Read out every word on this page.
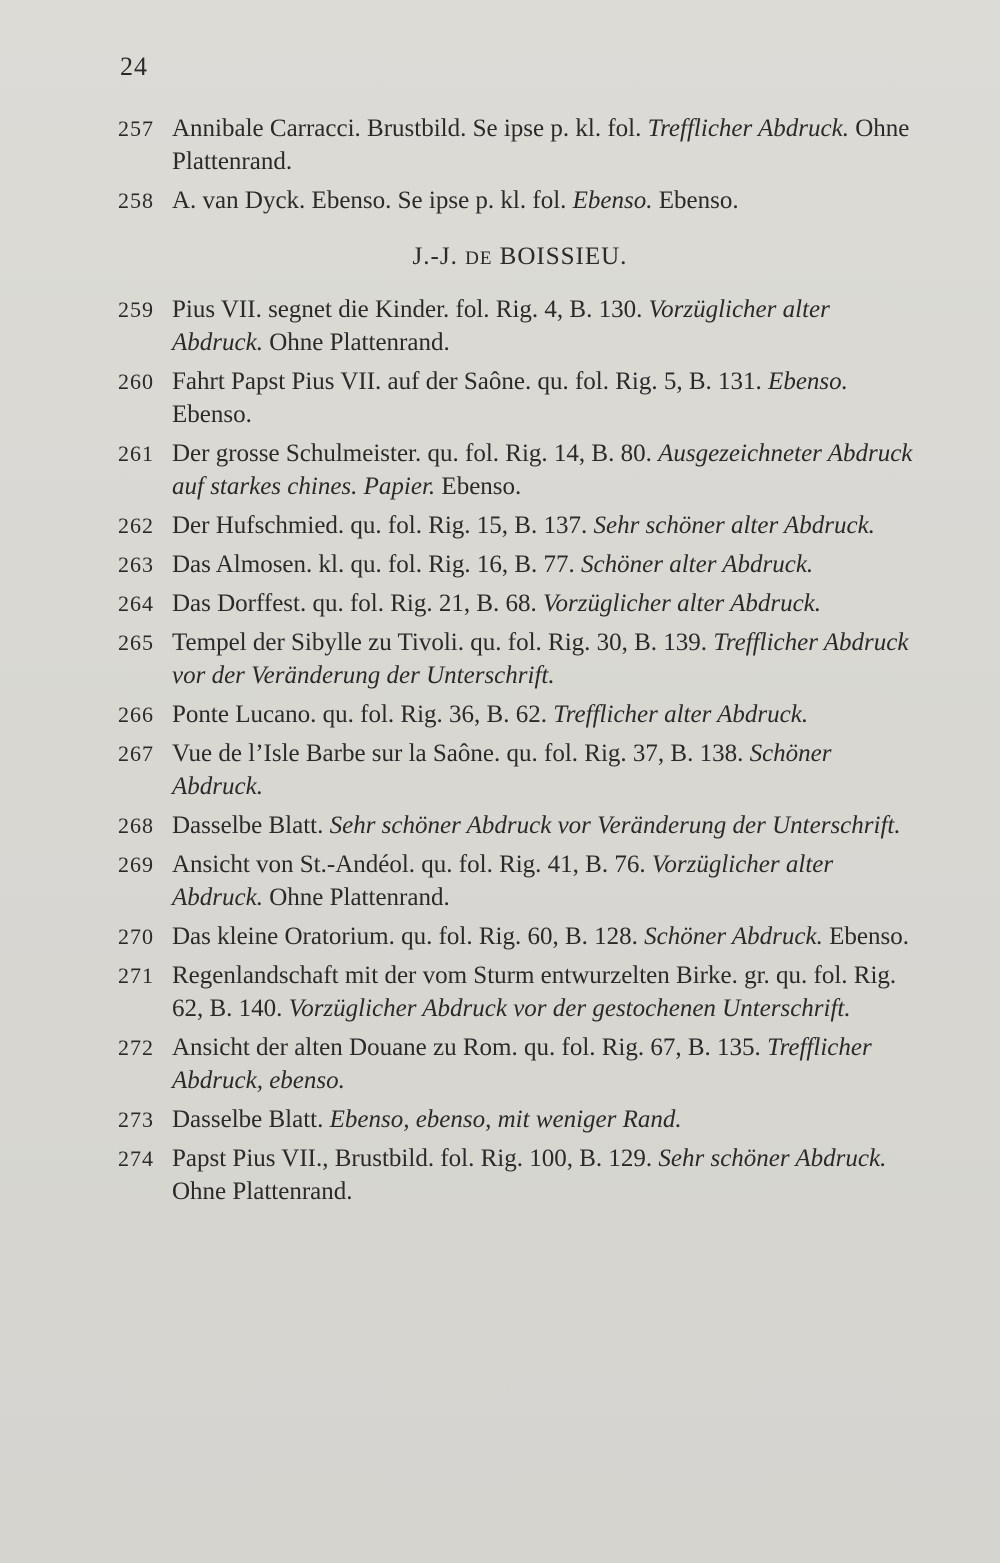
24
257 Annibale Carracci. Brustbild. Se ipse p. kl. fol. Trefflicher Abdruck. Ohne Plattenrand.
258 A. van Dyck. Ebenso. Se ipse p. kl. fol. Ebenso. Ebenso.
J.-J. DE BOISSIEU.
259 Pius VII. segnet die Kinder. fol. Rig. 4, B. 130. Vorzüglicher alter Abdruck. Ohne Plattenrand.
260 Fahrt Papst Pius VII. auf der Saône. qu. fol. Rig. 5, B. 131. Ebenso. Ebenso.
261 Der grosse Schulmeister. qu. fol. Rig. 14, B. 80. Ausgezeichneter Abdruck auf starkes chines. Papier. Ebenso.
262 Der Hufschmied. qu. fol. Rig. 15, B. 137. Sehr schöner alter Abdruck.
263 Das Almosen. kl. qu. fol. Rig. 16, B. 77. Schöner alter Abdruck.
264 Das Dorffest. qu. fol. Rig. 21, B. 68. Vorzüglicher alter Abdruck.
265 Tempel der Sibylle zu Tivoli. qu. fol. Rig. 30, B. 139. Trefflicher Abdruck vor der Veränderung der Unterschrift.
266 Ponte Lucano. qu. fol. Rig. 36, B. 62. Trefflicher alter Abdruck.
267 Vue de l’Isle Barbe sur la Saône. qu. fol. Rig. 37, B. 138. Schöner Abdruck.
268 Dasselbe Blatt. Sehr schöner Abdruck vor Veränderung der Unterschrift.
269 Ansicht von St.-Andéol. qu. fol. Rig. 41, B. 76. Vorzüglicher alter Abdruck. Ohne Plattenrand.
270 Das kleine Oratorium. qu. fol. Rig. 60, B. 128. Schöner Abdruck. Ebenso.
271 Regenlandschaft mit der vom Sturm entwurzelten Birke. gr. qu. fol. Rig. 62, B. 140. Vorzüglicher Abdruck vor der gestochenen Unterschrift.
272 Ansicht der alten Douane zu Rom. qu. fol. Rig. 67, B. 135. Trefflicher Abdruck, ebenso.
273 Dasselbe Blatt. Ebenso, ebenso, mit weniger Rand.
274 Papst Pius VII., Brustbild. fol. Rig. 100, B. 129. Sehr schöner Abdruck. Ohne Plattenrand.
